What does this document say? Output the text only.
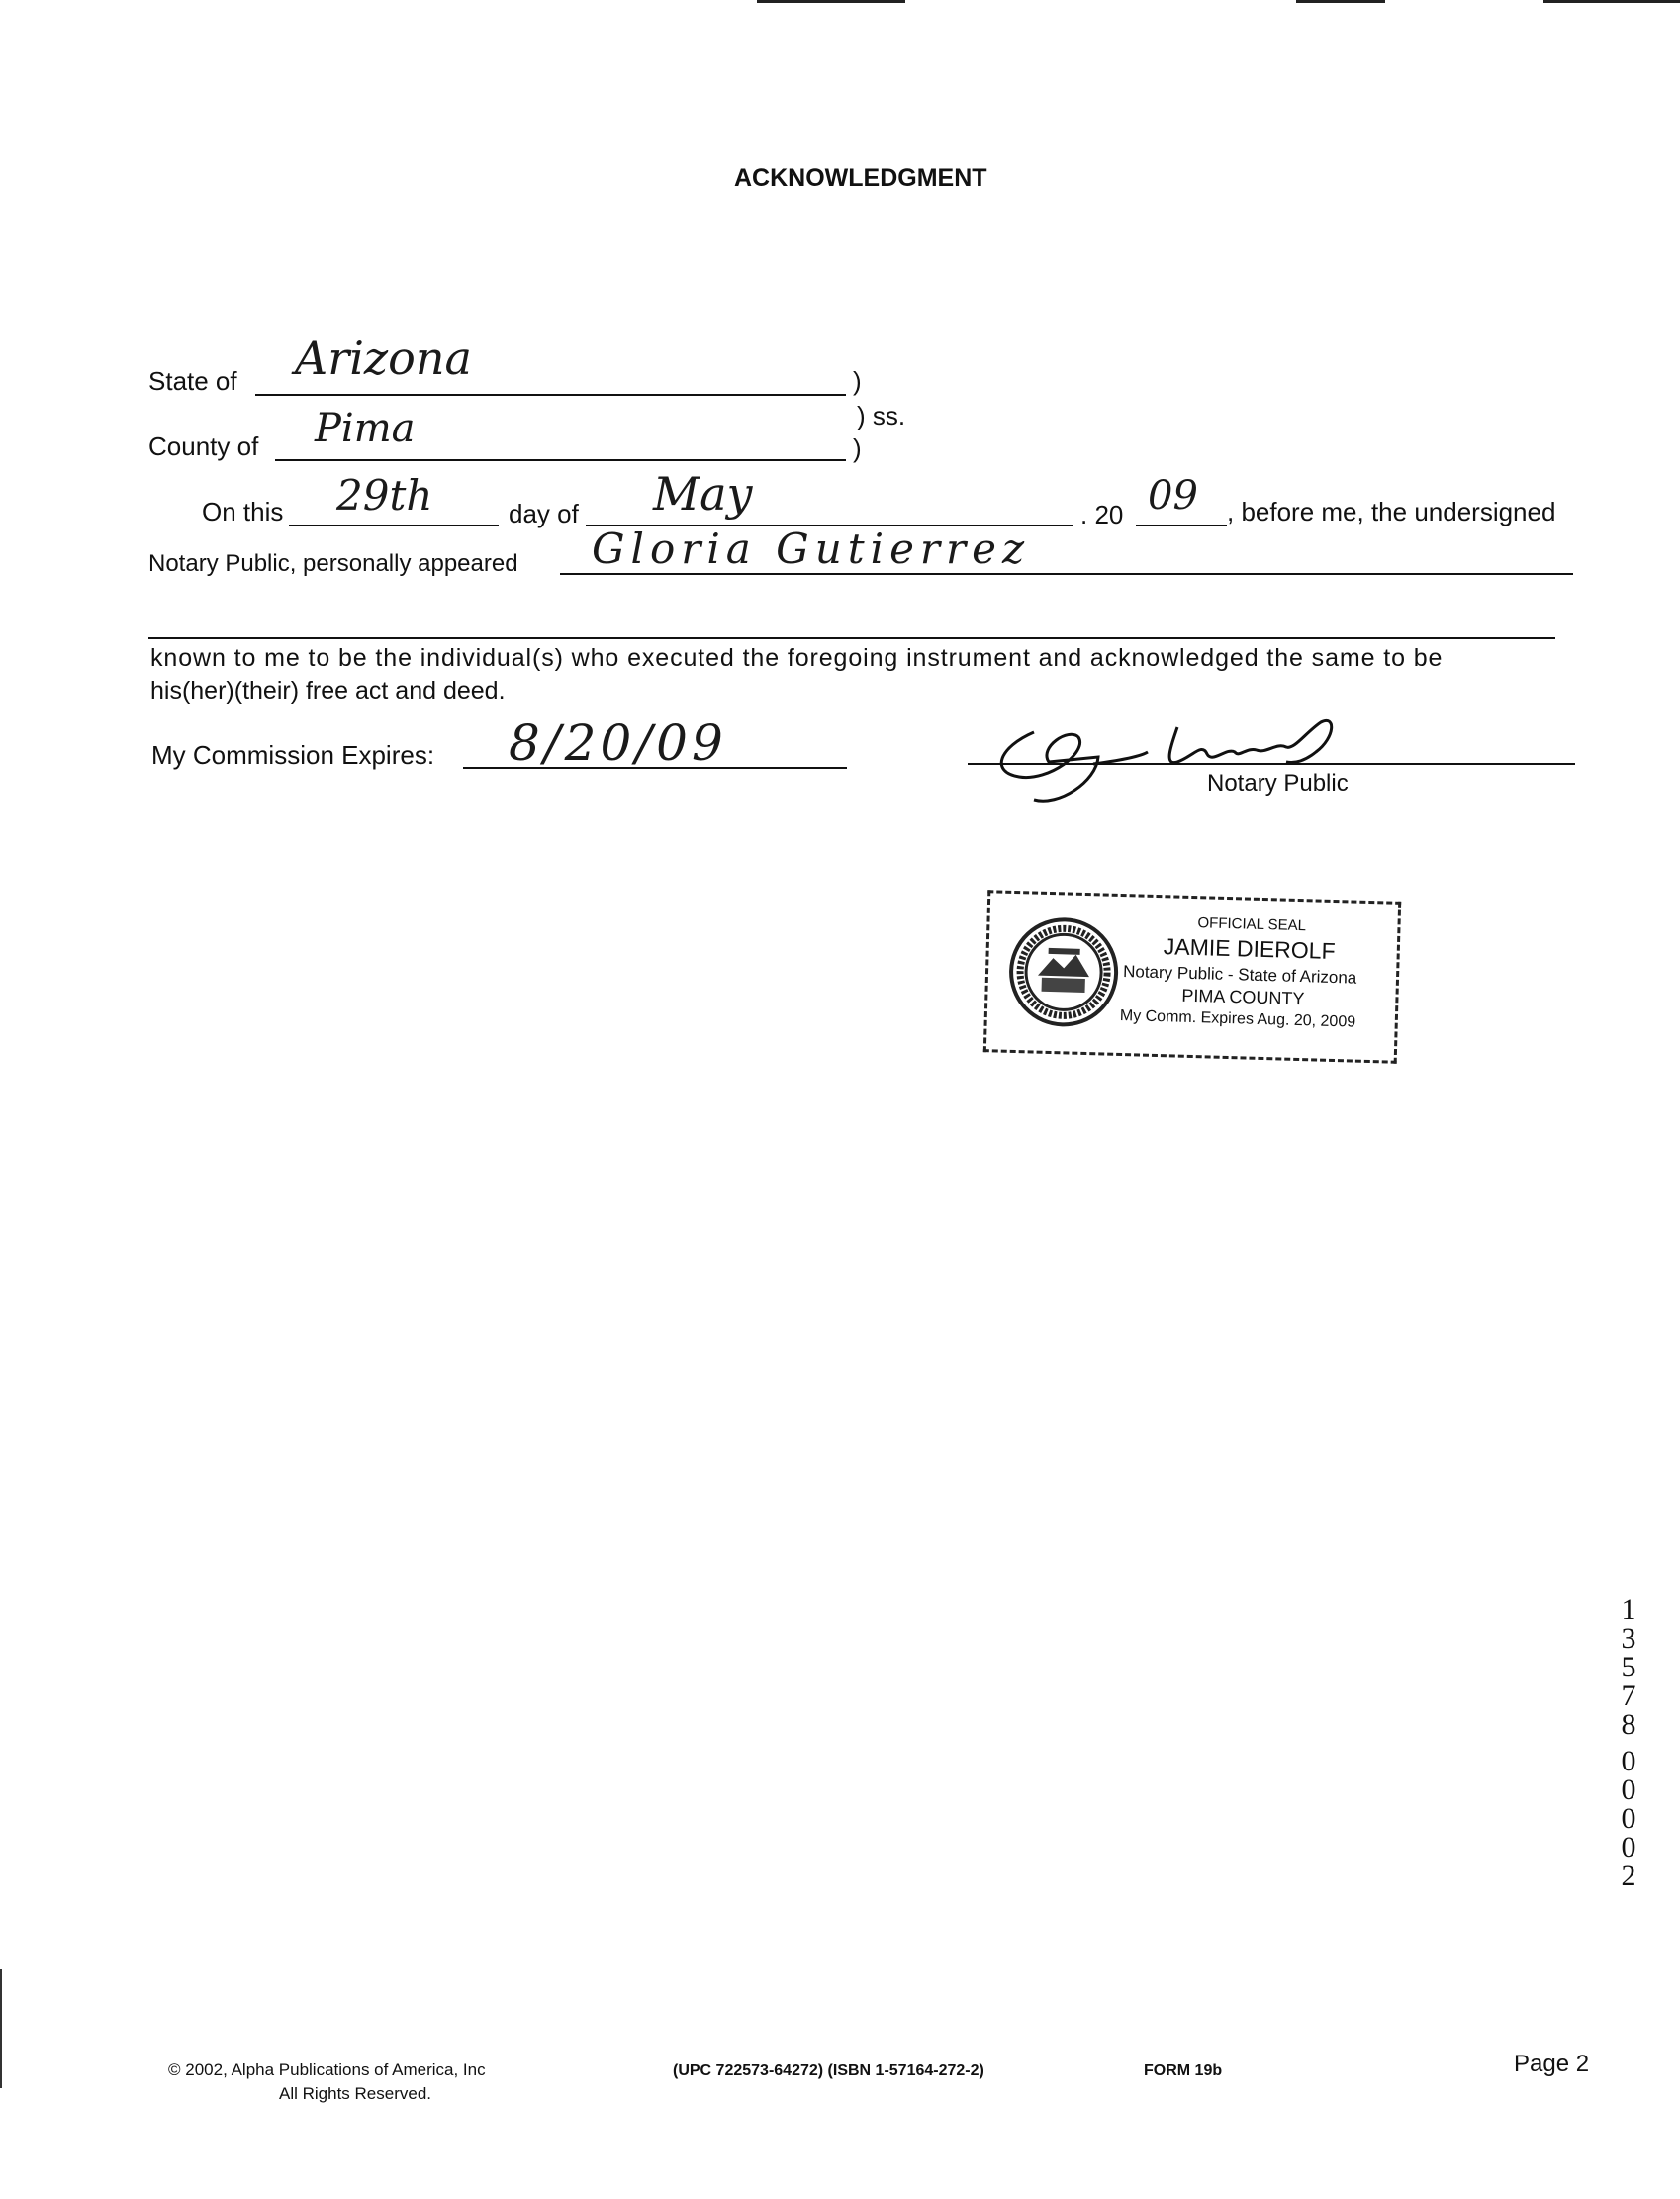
ACKNOWLEDGMENT
State of Arizona	)
) ss.
County of Pima	)
On this 29th	day of May	. 20 09 , before me, the undersigned
Notary Public, personally appeared Gloria Gutierrez
known to me to be the individual(s) who executed the foregoing instrument and acknowledged the same to be
his(her)(their) free act and deed.
My Commission Expires: 8/20/09
Notary Public
OFFICIAL SEAL
JAMIE DIEROLF
Notary Public - State of Arizona
PIMA COUNTY
My Comm. Expires Aug. 20, 2009
1
3
5
7
8
0
0
0
0
2
© 2002, Alpha Publications of America, Inc
All Rights Reserved.
(UPC 722573-64272) (ISBN 1-57164-272-2)	FORM 19b	Page 2
